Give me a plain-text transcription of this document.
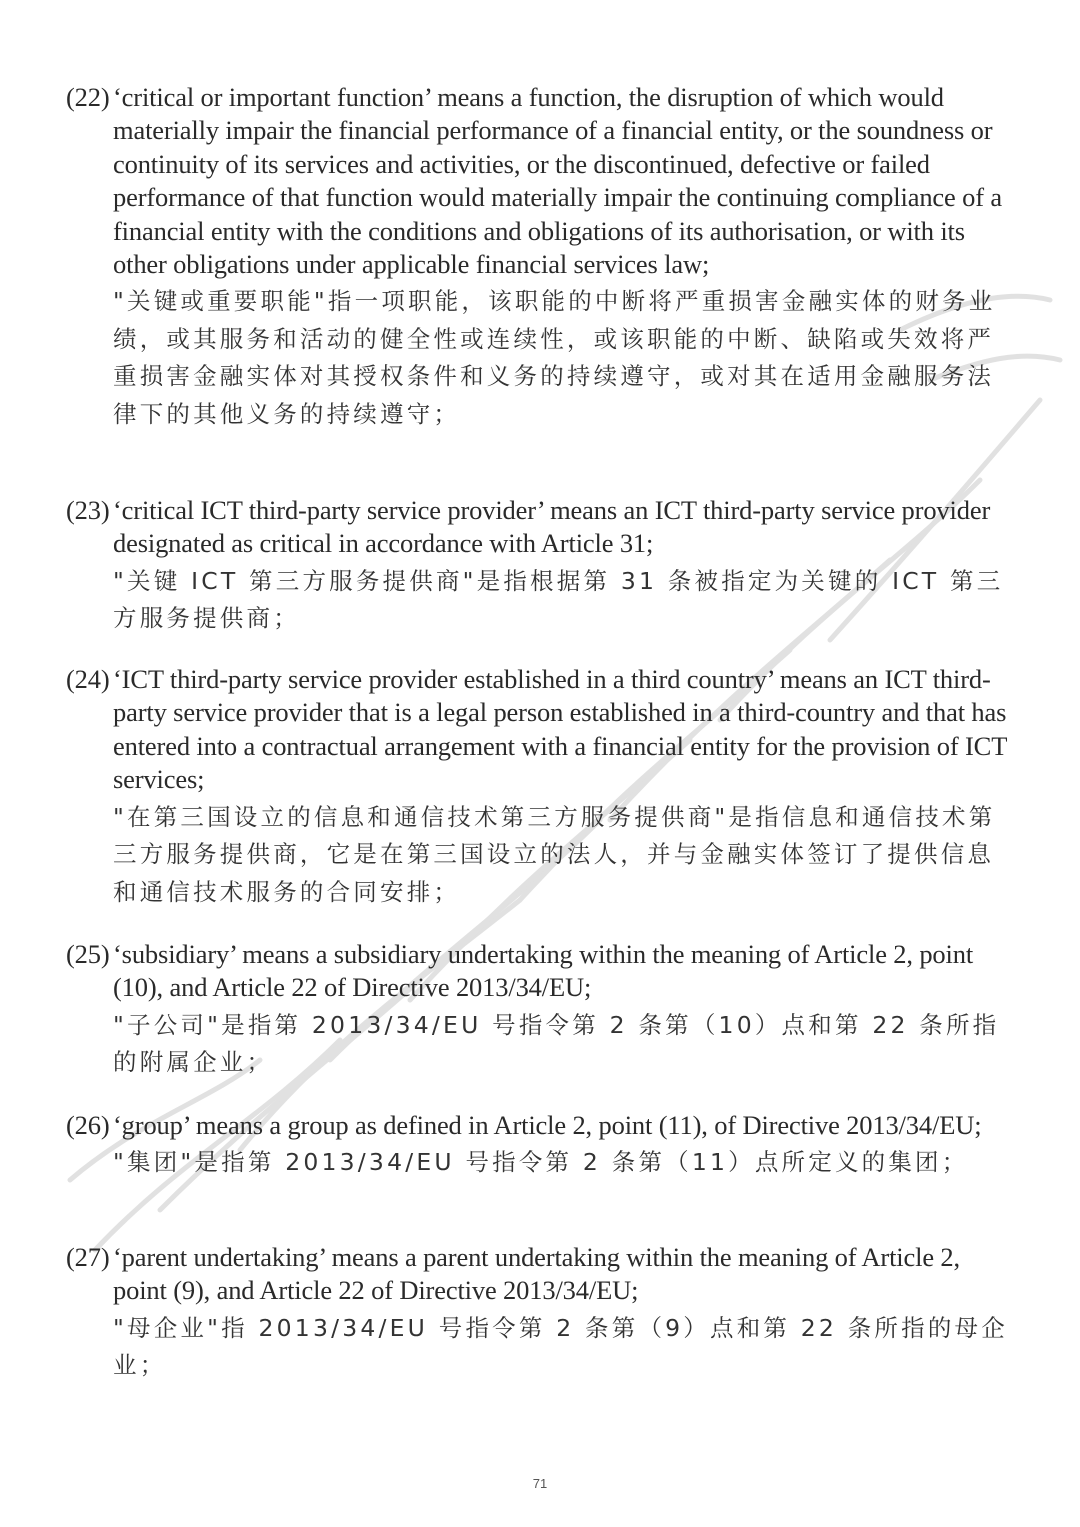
(22) ‘critical or important function’ means a function, the disruption of which would materially impair the financial performance of a financial entity, or the soundness or continuity of its services and activities, or the discontinued, defective or failed performance of that function would materially impair the continuing compliance of a financial entity with the conditions and obligations of its authorisation, or with its other obligations under applicable financial services law;
"关键或重要职能"指一项职能，该职能的中断将严重损害金融实体的财务业绩，或其服务和活动的健全性或连续性，或该职能的中断、缺陷或失效将严重损害金融实体对其授权条件和义务的持续遵守，或对其在适用金融服务法律下的其他义务的持续遵守；
(23) ‘critical ICT third-party service provider’ means an ICT third-party service provider designated as critical in accordance with Article 31;
"关键 ICT 第三方服务提供商"是指根据第 31 条被指定为关键的 ICT 第三方服务提供商；
(24) ‘ICT third-party service provider established in a third country’ means an ICT third-party service provider that is a legal person established in a third-country and that has entered into a contractual arrangement with a financial entity for the provision of ICT services;
"在第三国设立的信息和通信技术第三方服务提供商"是指信息和通信技术第三方服务提供商，它是在第三国设立的法人，并与金融实体签订了提供信息和通信技术服务的合同安排；
(25) ‘subsidiary’ means a subsidiary undertaking within the meaning of Article 2, point (10), and Article 22 of Directive 2013/34/EU;
"子公司"是指第 2013/34/EU 号指令第 2 条第（10）点和第 22 条所指的附属企业；
(26) ‘group’ means a group as defined in Article 2, point (11), of Directive 2013/34/EU;
"集团"是指第 2013/34/EU 号指令第 2 条第（11）点所定义的集团；
(27) ‘parent undertaking’ means a parent undertaking within the meaning of Article 2, point (9), and Article 22 of Directive 2013/34/EU;
"母企业"指 2013/34/EU 号指令第 2 条第（9）点和第 22 条所指的母企业；
71
